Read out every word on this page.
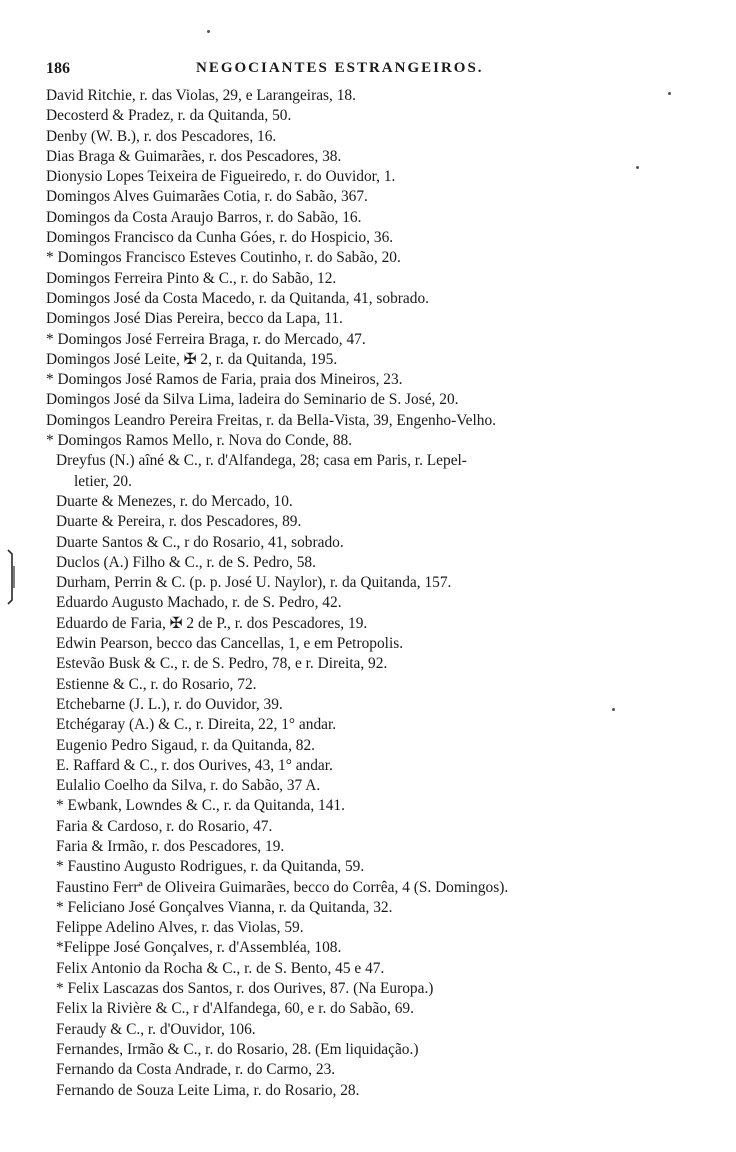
186	NEGOCIANTES ESTRANGEIROS.
David Ritchie, r. das Violas, 29, e Larangeiras, 18.
Decosterd & Pradez, r. da Quitanda, 50.
Denby (W. B.), r. dos Pescadores, 16.
Dias Braga & Guimarães, r. dos Pescadores, 38.
Dionysio Lopes Teixeira de Figueiredo, r. do Ouvidor, 1.
Domingos Alves Guimarães Cotia, r. do Sabão, 367.
Domingos da Costa Araujo Barros, r. do Sabão, 16.
Domingos Francisco da Cunha Góes, r. do Hospicio, 36.
* Domingos Francisco Esteves Coutinho, r. do Sabão, 20.
Domingos Ferreira Pinto & C., r. do Sabão, 12.
Domingos José da Costa Macedo, r. da Quitanda, 41, sobrado.
Domingos José Dias Pereira, becco da Lapa, 11.
* Domingos José Ferreira Braga, r. do Mercado, 47.
Domingos José Leite, ✠ 2, r. da Quitanda, 195.
* Domingos José Ramos de Faria, praia dos Mineiros, 23.
Domingos José da Silva Lima, ladeira do Seminario de S. José, 20.
Domingos Leandro Pereira Freitas, r. da Bella-Vista, 39, Engenho-Velho.
* Domingos Ramos Mello, r. Nova do Conde, 88.
Dreyfus (N.) aîné & C., r. d'Alfandega, 28; casa em Paris, r. Lepel-
letier, 20.
Duarte & Menezes, r. do Mercado, 10.
Duarte & Pereira, r. dos Pescadores, 89.
Duarte Santos & C., r do Rosario, 41, sobrado.
Duclos (A.) Filho & C., r. de S. Pedro, 58.
Durham, Perrin & C. (p. p. José U. Naylor), r. da Quitanda, 157.
Eduardo Augusto Machado, r. de S. Pedro, 42.
Eduardo de Faria, ✠ 2 de P., r. dos Pescadores, 19.
Edwin Pearson, becco das Cancellas, 1, e em Petropolis.
Estevão Busk & C., r. de S. Pedro, 78, e r. Direita, 92.
Estienne & C., r. do Rosario, 72.
Etchebarne (J. L.), r. do Ouvidor, 39.
Etchégaray (A.) & C., r. Direita, 22, 1° andar.
Eugenio Pedro Sigaud, r. da Quitanda, 82.
E. Raffard & C., r. dos Ourives, 43, 1° andar.
Eulalio Coelho da Silva, r. do Sabão, 37 A.
* Ewbank, Lowndes & C., r. da Quitanda, 141.
Faria & Cardoso, r. do Rosario, 47.
Faria & Irmão, r. dos Pescadores, 19.
* Faustino Augusto Rodrigues, r. da Quitanda, 59.
Faustino Ferrª de Oliveira Guimarães, becco do Corrêa, 4 (S. Domingos).
* Feliciano José Gonçalves Vianna, r. da Quitanda, 32.
Felippe Adelino Alves, r. das Violas, 59.
*Felippe José Gonçalves, r. d'Assembléa, 108.
Felix Antonio da Rocha & C., r. de S. Bento, 45 e 47.
* Felix Lascazas dos Santos, r. dos Ourives, 87. (Na Europa.)
Felix la Rivière & C., r d'Alfandega, 60, e r. do Sabão, 69.
Feraudy & C., r. d'Ouvidor, 106.
Fernandes, Irmão & C., r. do Rosario, 28. (Em liquidação.)
Fernando da Costa Andrade, r. do Carmo, 23.
Fernando de Souza Leite Lima, r. do Rosario, 28.
